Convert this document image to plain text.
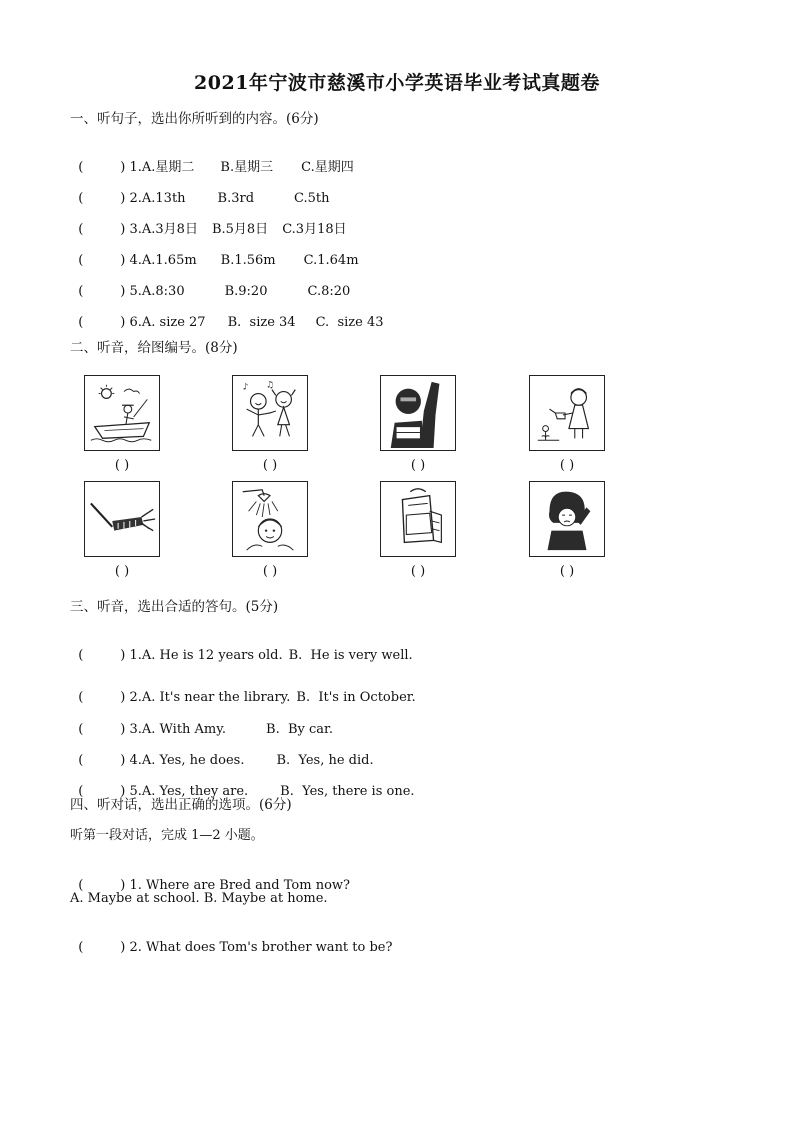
2021年宁波市慈溪市小学英语毕业考试真题卷
一、听句子，选出你所听到的内容。(6分)

(	) 1.A.星期二 B.星期三 C.星期四

(	) 2.A.13th B.3rd	C.5th

(	) 3.A.3月8日 B.5月8日 C.3月18日

(	) 4.A.1.65m B.1.56m C.1.64m

(	) 5.A.8:30	B.9:20	C.8:20

(	) 6.A. size 27 B.  size 34 C.  size 43

二、听音，给图编号。(8分)
♪ ♫
( )	( )	( )	( )
( )	( )	( )	( )
三、听音，选出合适的答句。(5分)

(	) 1.A. He is 12 years old. B.  He is very well.

(	) 2.A. It's near the library. B.  It's in October.

(	) 3.A. With Amy.	B.  By car.

(	) 4.A. Yes, he does. B.  Yes, he did.

(	) 5.A. Yes, they are. B.  Yes, there is one.

四、听对话，选出正确的选项。(6分)
听第一段对话，完成 1—2 小题。

(	) 1. Where are Bred and Tom now?

A. Maybe at school. B. Maybe at home.

(	) 2. What does Tom's brother want to be?
